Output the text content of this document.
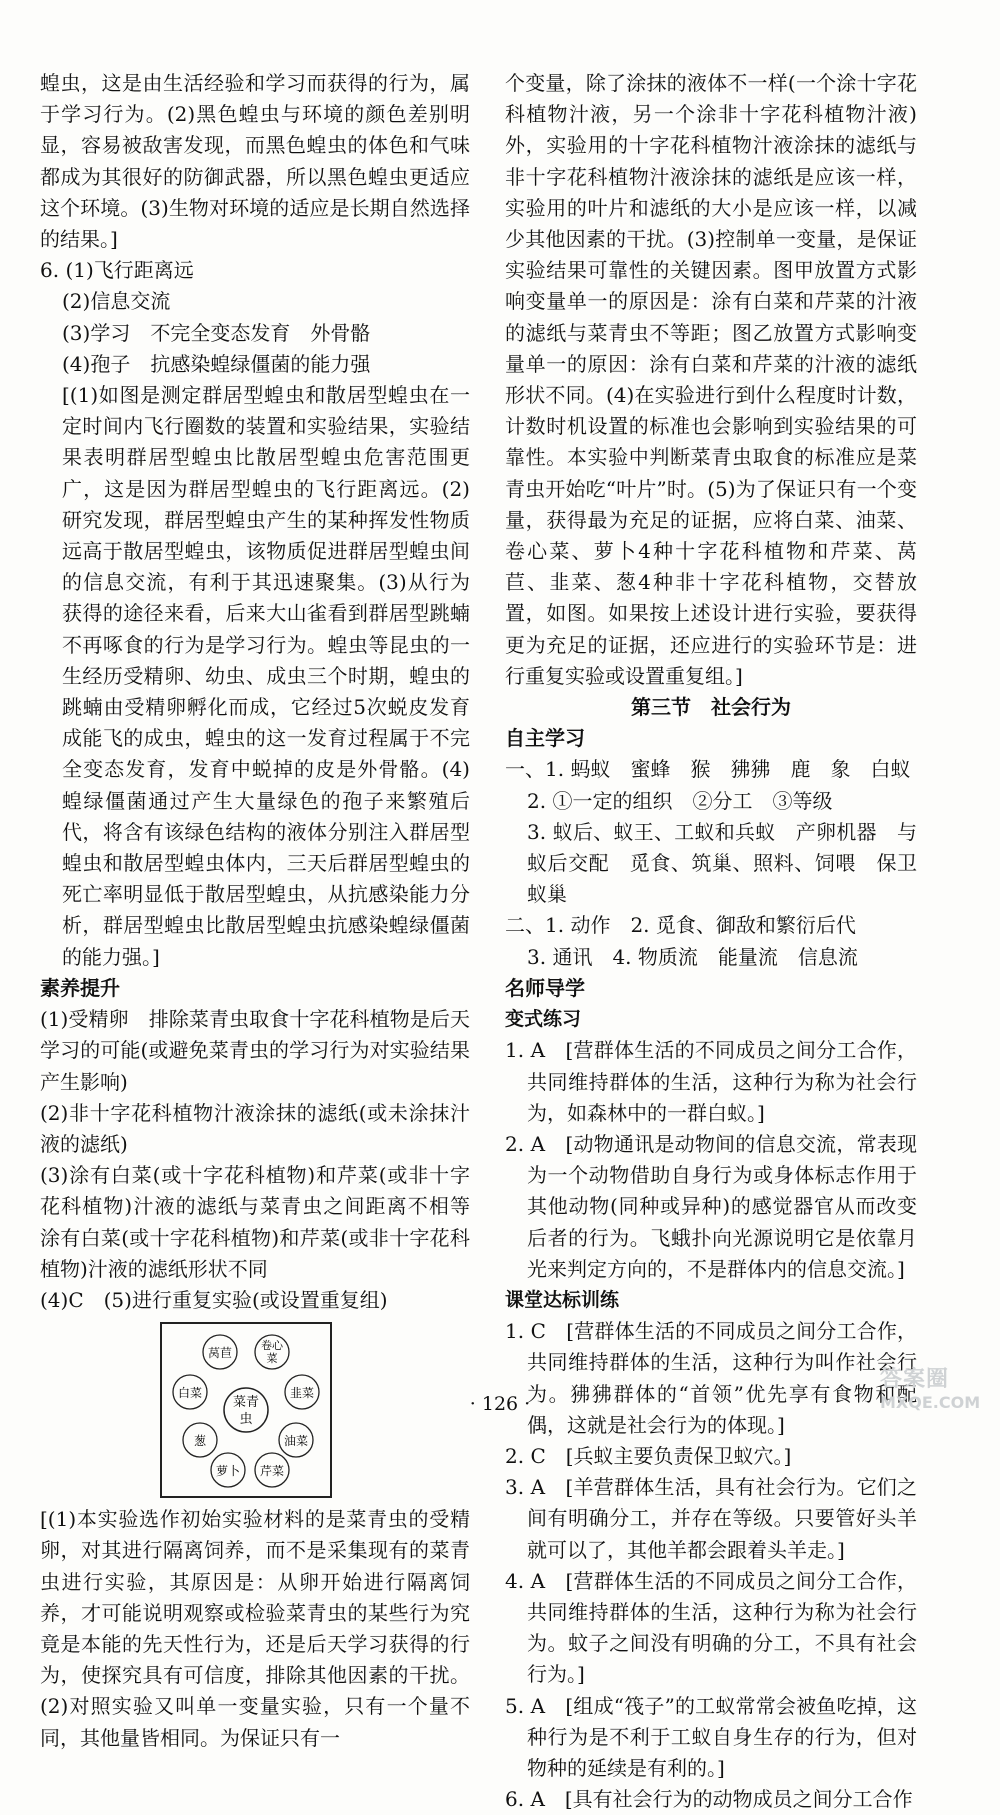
蝗虫，这是由生活经验和学习而获得的行为，属于学习行为。(2)黑色蝗虫与环境的颜色差别明显，容易被敌害发现，而黑色蝗虫的体色和气味都成为其很好的防御武器，所以黑色蝗虫更适应这个环境。(3)生物对环境的适应是长期自然选择的结果。]

6. (1)飞行距离远

(2)信息交流

(3)学习　不完全变态发育　外骨骼

(4)孢子　抗感染蝗绿僵菌的能力强

[(1)如图是测定群居型蝗虫和散居型蝗虫在一定时间内飞行圈数的装置和实验结果，实验结果表明群居型蝗虫比散居型蝗虫危害范围更广，这是因为群居型蝗虫的飞行距离远。(2)研究发现，群居型蝗虫产生的某种挥发性物质远高于散居型蝗虫，该物质促进群居型蝗虫间的信息交流，有利于其迅速聚集。(3)从行为获得的途径来看，后来大山雀看到群居型跳蝻不再啄食的行为是学习行为。蝗虫等昆虫的一生经历受精卵、幼虫、成虫三个时期，蝗虫的跳蝻由受精卵孵化而成，它经过5次蜕皮发育成能飞的成虫，蝗虫的这一发育过程属于不完全变态发育，发育中蜕掉的皮是外骨骼。(4)蝗绿僵菌通过产生大量绿色的孢子来繁殖后代，将含有该绿色结构的液体分别注入群居型蝗虫和散居型蝗虫体内，三天后群居型蝗虫的死亡率明显低于散居型蝗虫，从抗感染能力分析，群居型蝗虫比散居型蝗虫抗感染蝗绿僵菌的能力强。]

素养提升

(1)受精卵　排除菜青虫取食十字花科植物是后天学习的可能(或避免菜青虫的学习行为对实验结果产生影响)

(2)非十字花科植物汁液涂抹的滤纸(或未涂抹汁液的滤纸)

(3)涂有白菜(或十字花科植物)和芹菜(或非十字花科植物)汁液的滤纸与菜青虫之间距离不相等　涂有白菜(或十字花科植物)和芹菜(或非十字花科植物)汁液的滤纸形状不同

(4)C　(5)进行重复实验(或设置重复组)

菜青
虫
莴苣
卷心
菜
白菜	韭菜
葱	油菜
萝卜 芹菜

[(1)本实验选作初始实验材料的是菜青虫的受精卵，对其进行隔离饲养，而不是采集现有的菜青虫进行实验，其原因是：从卵开始进行隔离饲养，才可能说明观察或检验菜青虫的某些行为究竟是本能的先天性行为，还是后天学习获得的行为，使探究具有可信度，排除其他因素的干扰。(2)对照实验又叫单一变量实验，只有一个量不同，其他量皆相同。为保证只有一

个变量，除了涂抹的液体不一样(一个涂十字花科植物汁液，另一个涂非十字花科植物汁液)外，实验用的十字花科植物汁液涂抹的滤纸与非十字花科植物汁液涂抹的滤纸是应该一样，实验用的叶片和滤纸的大小是应该一样，以减少其他因素的干扰。(3)控制单一变量，是保证实验结果可靠性的关键因素。图甲放置方式影响变量单一的原因是：涂有白菜和芹菜的汁液的滤纸与菜青虫不等距；图乙放置方式影响变量单一的原因：涂有白菜和芹菜的汁液的滤纸形状不同。(4)在实验进行到什么程度时计数，计数时机设置的标准也会影响到实验结果的可靠性。本实验中判断菜青虫取食的标准应是菜青虫开始吃“叶片”时。(5)为了保证只有一个变量，获得最为充足的证据，应将白菜、油菜、卷心菜、萝卜4种十字花科植物和芹菜、莴苣、韭菜、葱4种非十字花科植物，交替放置，如图。如果按上述设计进行实验，要获得更为充足的证据，还应进行的实验环节是：进行重复实验或设置重复组。]

第三节　社会行为

自主学习

一、1. 蚂蚁　蜜蜂　猴　狒狒　鹿　象　白蚁

2. ①一定的组织　②分工　③等级

3. 蚁后、蚁王、工蚁和兵蚁　产卵机器　与蚁后交配　觅食、筑巢、照料、饲喂　保卫蚁巢

二、1. 动作　2. 觅食、御敌和繁衍后代

3. 通讯　4. 物质流　能量流　信息流

名师导学

变式练习

1. A　[营群体生活的不同成员之间分工合作，共同维持群体的生活，这种行为称为社会行为，如森林中的一群白蚁。]

2. A　[动物通讯是动物间的信息交流，常表现为一个动物借助自身行为或身体标志作用于其他动物(同种或异种)的感觉器官从而改变后者的行为。飞蛾扑向光源说明它是依靠月光来判定方向的，不是群体内的信息交流。]

课堂达标训练

1. C　[营群体生活的不同成员之间分工合作，共同维持群体的生活，这种行为叫作社会行为。狒狒群体的“首领”优先享有食物和配偶，这就是社会行为的体现。]

2. C　[兵蚁主要负责保卫蚁穴。]

3. A　[羊营群体生活，具有社会行为。它们之间有明确分工，并存在等级。只要管好头羊就可以了，其他羊都会跟着头羊走。]

4. A　[营群体生活的不同成员之间分工合作，共同维持群体的生活，这种行为称为社会行为。蚊子之间没有明确的分工，不具有社会行为。]

5. A　[组成“筏子”的工蚁常常会被鱼吃掉，这种行为是不利于工蚁自身生存的行为，但对物种的延续是有利的。]

6. A　[具有社会行为的动物成员之间分工合作

· 126 ·
答案圈
MXQE.COM
